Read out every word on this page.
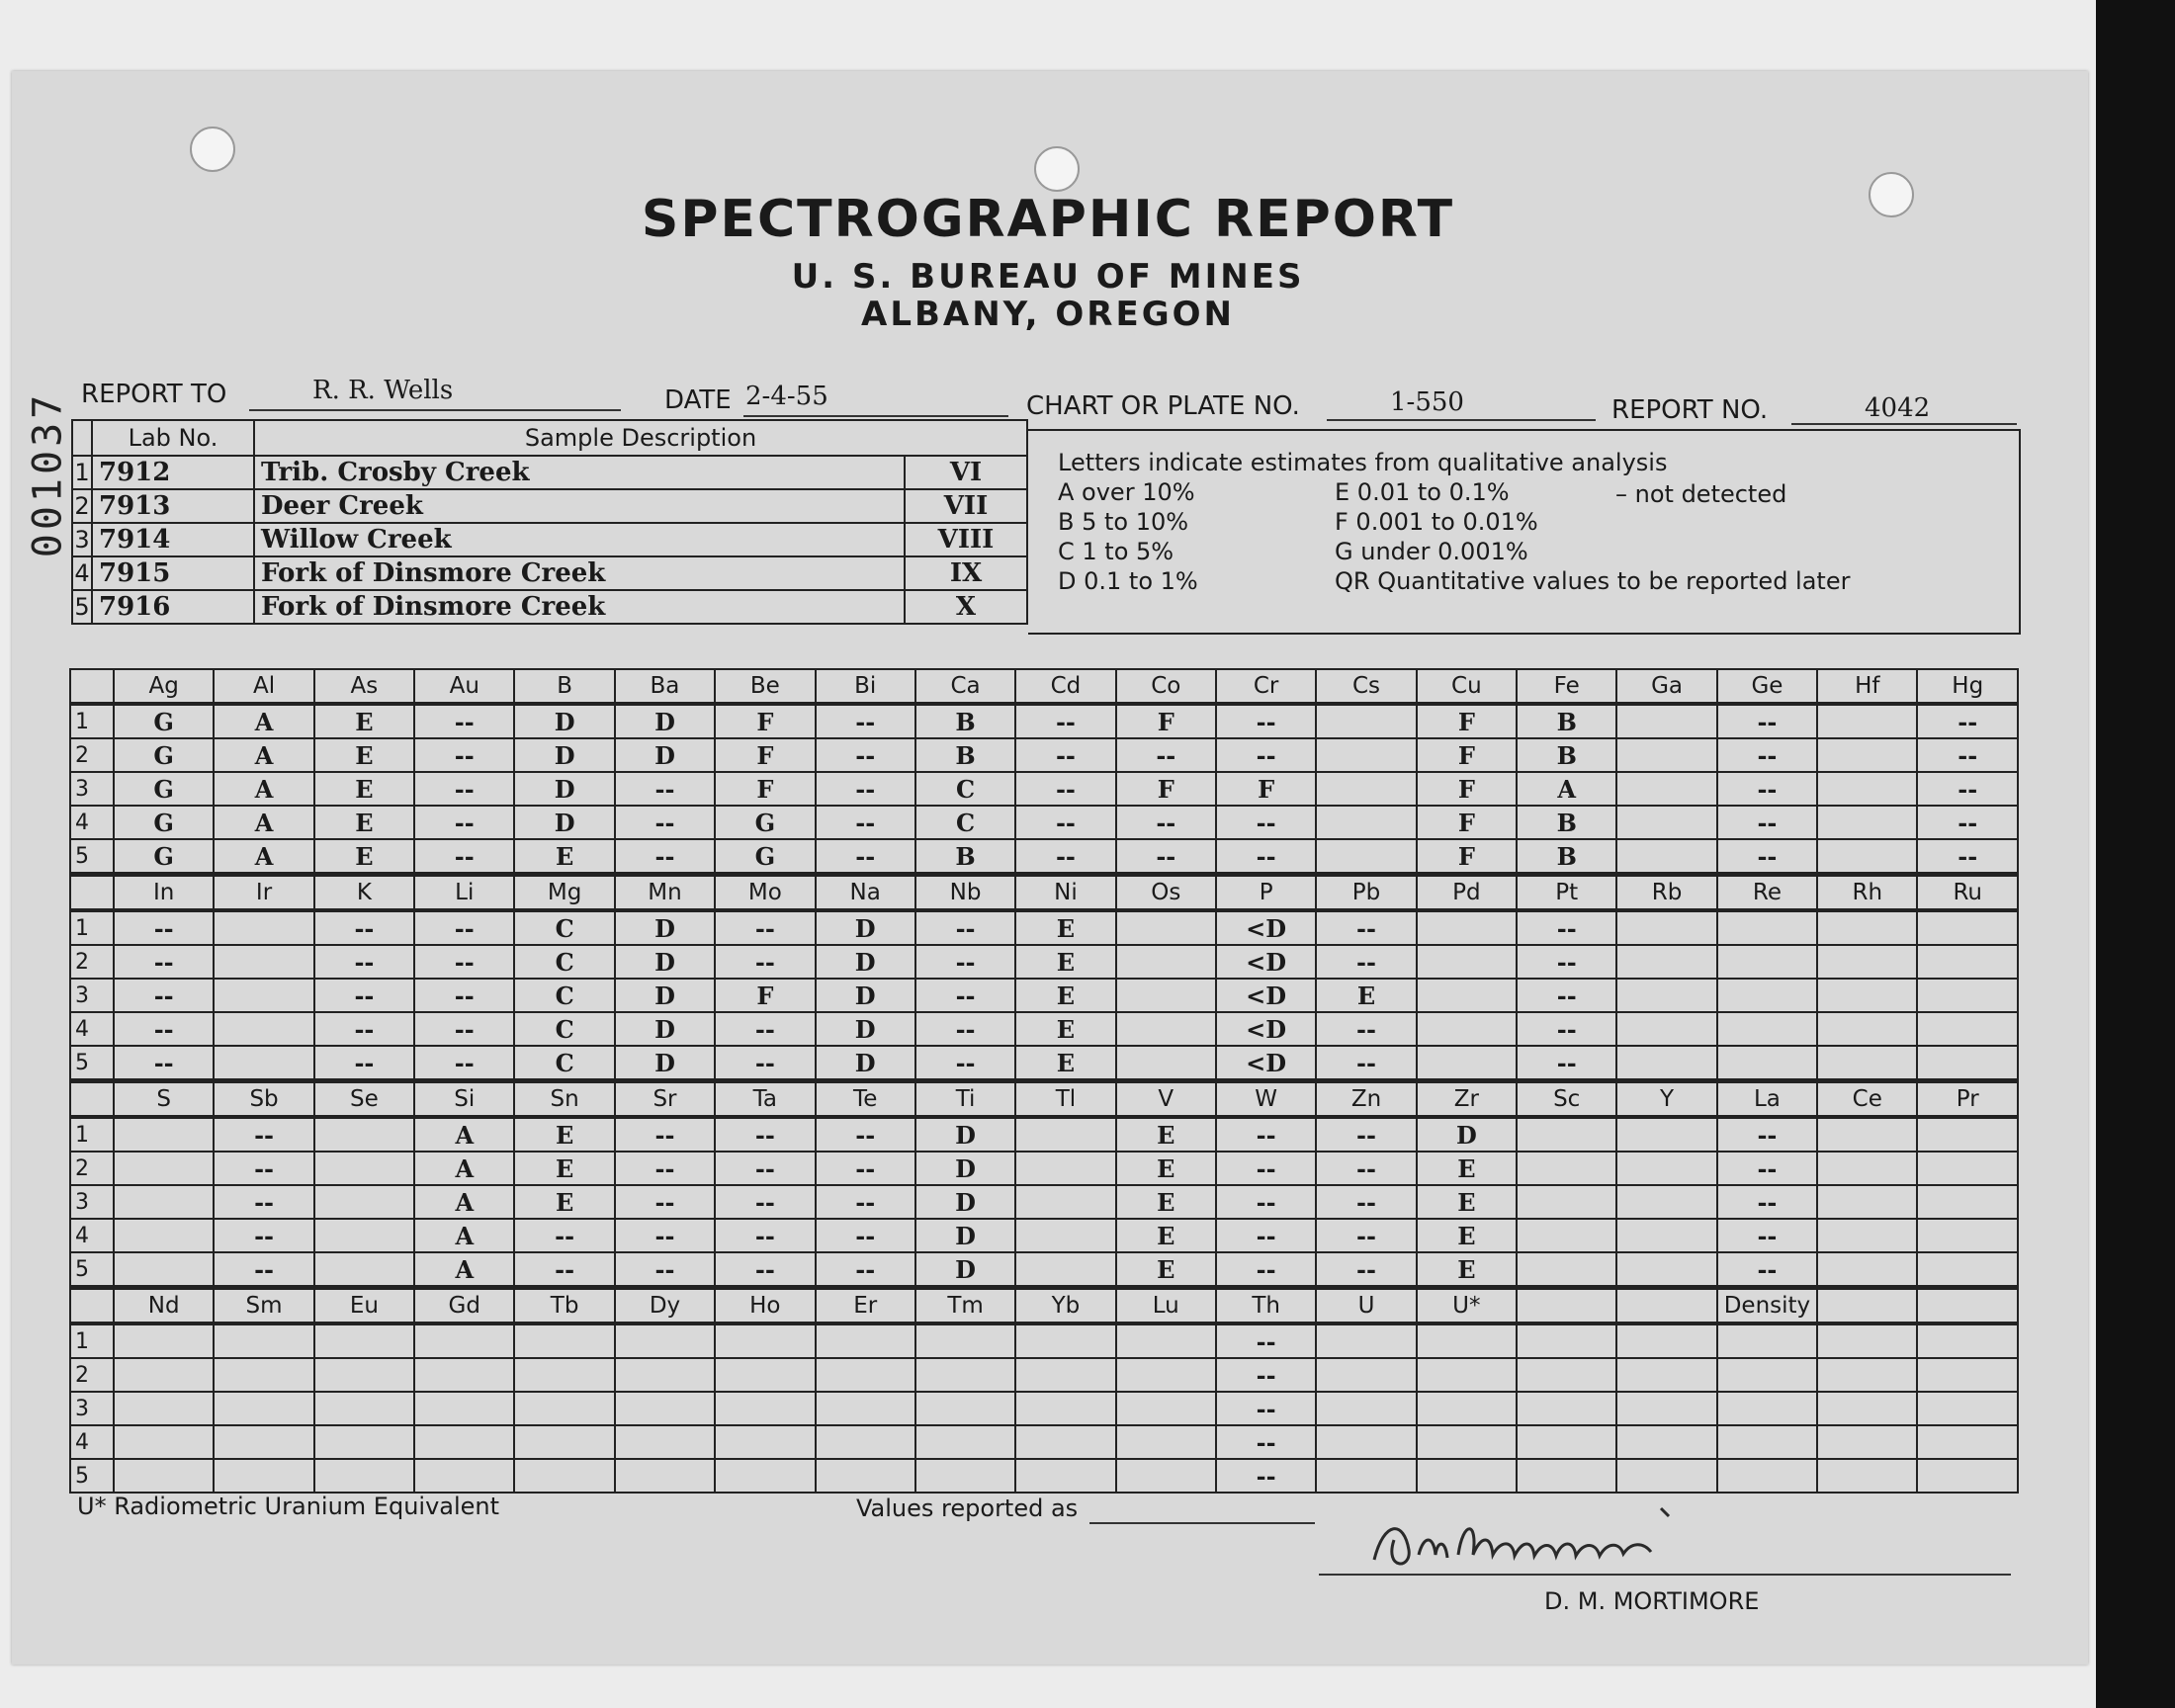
001037
SPECTROGRAPHIC REPORT
U. S. BUREAU OF MINES
ALBANY, OREGON
REPORT TO	R. R. Wells	DATE 2-4-55	CHART OR PLATE NO.	1-550	REPORT NO.	4042
	Lab No.	Sample Description	
1	7912	Trib. Crosby Creek	VI
2	7913	Deer Creek	VII
3	7914	Willow Creek	VIII
4	7915	Fork of Dinsmore Creek	IX
5	7916	Fork of Dinsmore Creek	X
Letters indicate estimates from qualitative analysis
A over 10%
B 5 to 10%
C 1 to 5%
D 0.1 to 1%
E 0.01 to 0.1%
F 0.001 to 0.01%
G under 0.001%
QR Quantitative values to be reported later
– not detected
	Ag	Al	As	Au	B	Ba	Be	Bi	Ca	Cd	Co	Cr	Cs	Cu	Fe	Ga	Ge	Hf	Hg
1	G	A	E	--	D	D	F	--	B	--	F	--		F	B		--		--
2	G	A	E	--	D	D	F	--	B	--	--	--		F	B		--		--
3	G	A	E	--	D	--	F	--	C	--	F	F		F	A		--		--
4	G	A	E	--	D	--	G	--	C	--	--	--		F	B		--		--
5	G	A	E	--	E	--	G	--	B	--	--	--		F	B		--		--
	In	Ir	K	Li	Mg	Mn	Mo	Na	Nb	Ni	Os	P	Pb	Pd	Pt	Rb	Re	Rh	Ru
1	--		--	--	C	D	--	D	--	E		<D	--		--				
2	--		--	--	C	D	--	D	--	E		<D	--		--				
3	--		--	--	C	D	F	D	--	E		<D	E		--				
4	--		--	--	C	D	--	D	--	E		<D	--		--				
5	--		--	--	C	D	--	D	--	E		<D	--		--				
	S	Sb	Se	Si	Sn	Sr	Ta	Te	Ti	Tl	V	W	Zn	Zr	Sc	Y	La	Ce	Pr
1		--		A	E	--	--	--	D		E	--	--	D			--		
2		--		A	E	--	--	--	D		E	--	--	E			--		
3		--		A	E	--	--	--	D		E	--	--	E			--		
4		--		A	--	--	--	--	D		E	--	--	E			--		
5		--		A	--	--	--	--	D		E	--	--	E			--		
	Nd	Sm	Eu	Gd	Tb	Dy	Ho	Er	Tm	Yb	Lu	Th	U	U*			Density		
1												--							
2												--							
3												--							
4												--							
5												--							
U* Radiometric Uranium Equivalent	Values reported as
D. M. MORTIMORE
